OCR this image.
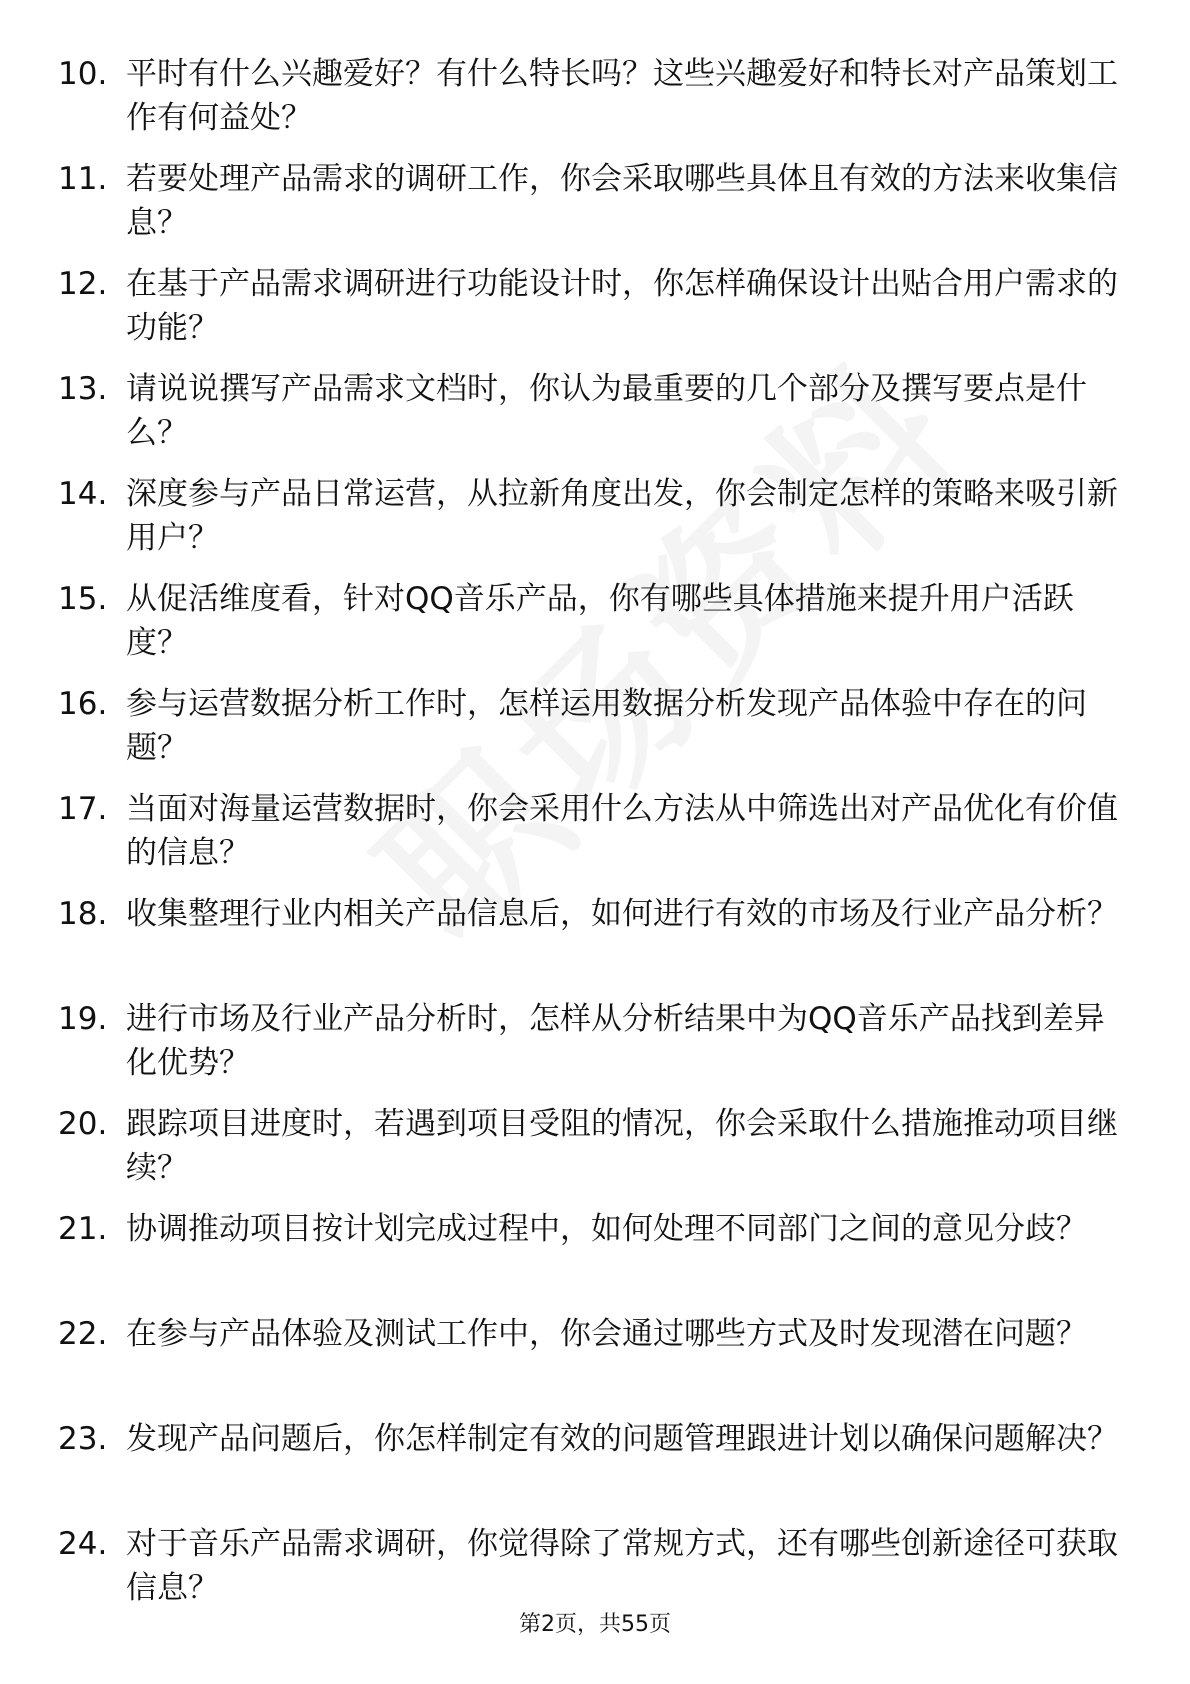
10. 平时有什么兴趣爱好？有什么特长吗？这些兴趣爱好和特长对产品策划工作有何益处？
11. 若要处理产品需求的调研工作，你会采取哪些具体且有效的方法来收集信息？
12. 在基于产品需求调研进行功能设计时，你怎样确保设计出贴合用户需求的功能？
13. 请说说撰写产品需求文档时，你认为最重要的几个部分及撰写要点是什么？
14. 深度参与产品日常运营，从拉新角度出发，你会制定怎样的策略来吸引新用户？
15. 从促活维度看，针对QQ音乐产品，你有哪些具体措施来提升用户活跃度？
16. 参与运营数据分析工作时，怎样运用数据分析发现产品体验中存在的问题？
17. 当面对海量运营数据时，你会采用什么方法从中筛选出对产品优化有价值的信息？
18. 收集整理行业内相关产品信息后，如何进行有效的市场及行业产品分析？
19. 进行市场及行业产品分析时，怎样从分析结果中为QQ音乐产品找到差异化优势？
20. 跟踪项目进度时，若遇到项目受阻的情况，你会采取什么措施推动项目继续？
21. 协调推动项目按计划完成过程中，如何处理不同部门之间的意见分歧？
22. 在参与产品体验及测试工作中，你会通过哪些方式及时发现潜在问题？
23. 发现产品问题后，你怎样制定有效的问题管理跟进计划以确保问题解决？
24. 对于音乐产品需求调研，你觉得除了常规方式，还有哪些创新途径可获取信息？
第2页，共55页
